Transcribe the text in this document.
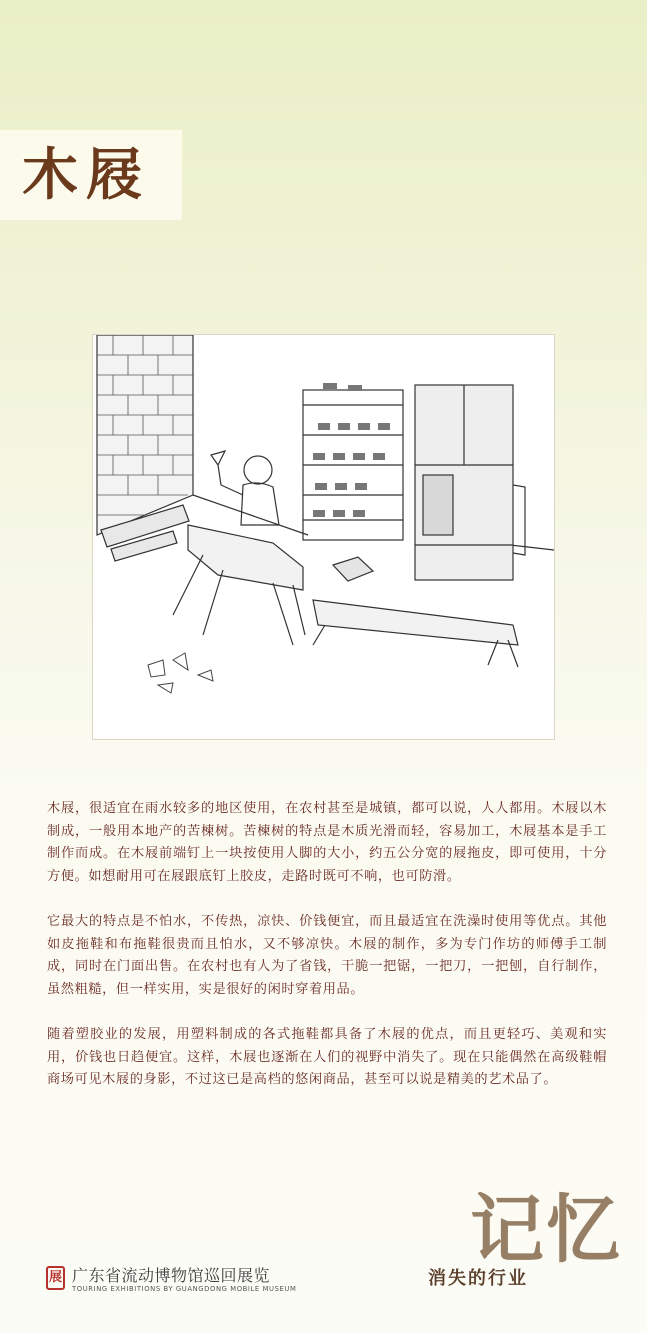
木屐

木屐，很适宜在雨水较多的地区使用，在农村甚至是城镇，都可以说，人人都用。木屐以木制成，一般用本地产的苦楝树。苦楝树的特点是木质光滑而轻，容易加工，木屐基本是手工制作而成。在木屐前端钉上一块按使用人脚的大小，约五公分宽的屐拖皮，即可使用，十分方便。如想耐用可在屐跟底钉上胶皮，走路时既可不响，也可防滑。

它最大的特点是不怕水，不传热，凉快、价钱便宜，而且最适宜在洗澡时使用等优点。其他如皮拖鞋和布拖鞋很贵而且怕水，又不够凉快。木屐的制作，多为专门作坊的师傅手工制成，同时在门面出售。在农村也有人为了省钱，干脆一把锯，一把刀，一把刨，自行制作，虽然粗糙，但一样实用，实是很好的闲时穿着用品。

随着塑胶业的发展，用塑料制成的各式拖鞋都具备了木屐的优点，而且更轻巧、美观和实用，价钱也日趋便宜。这样，木屐也逐渐在人们的视野中消失了。现在只能偶然在高级鞋帽商场可见木屐的身影，不过这已是高档的悠闲商品，甚至可以说是精美的艺术品了。

展 广东省流动博物馆巡回展览
TOURING EXHIBITIONS BY GUANGDONG MOBILE MUSEUM
记忆
消失的行业
